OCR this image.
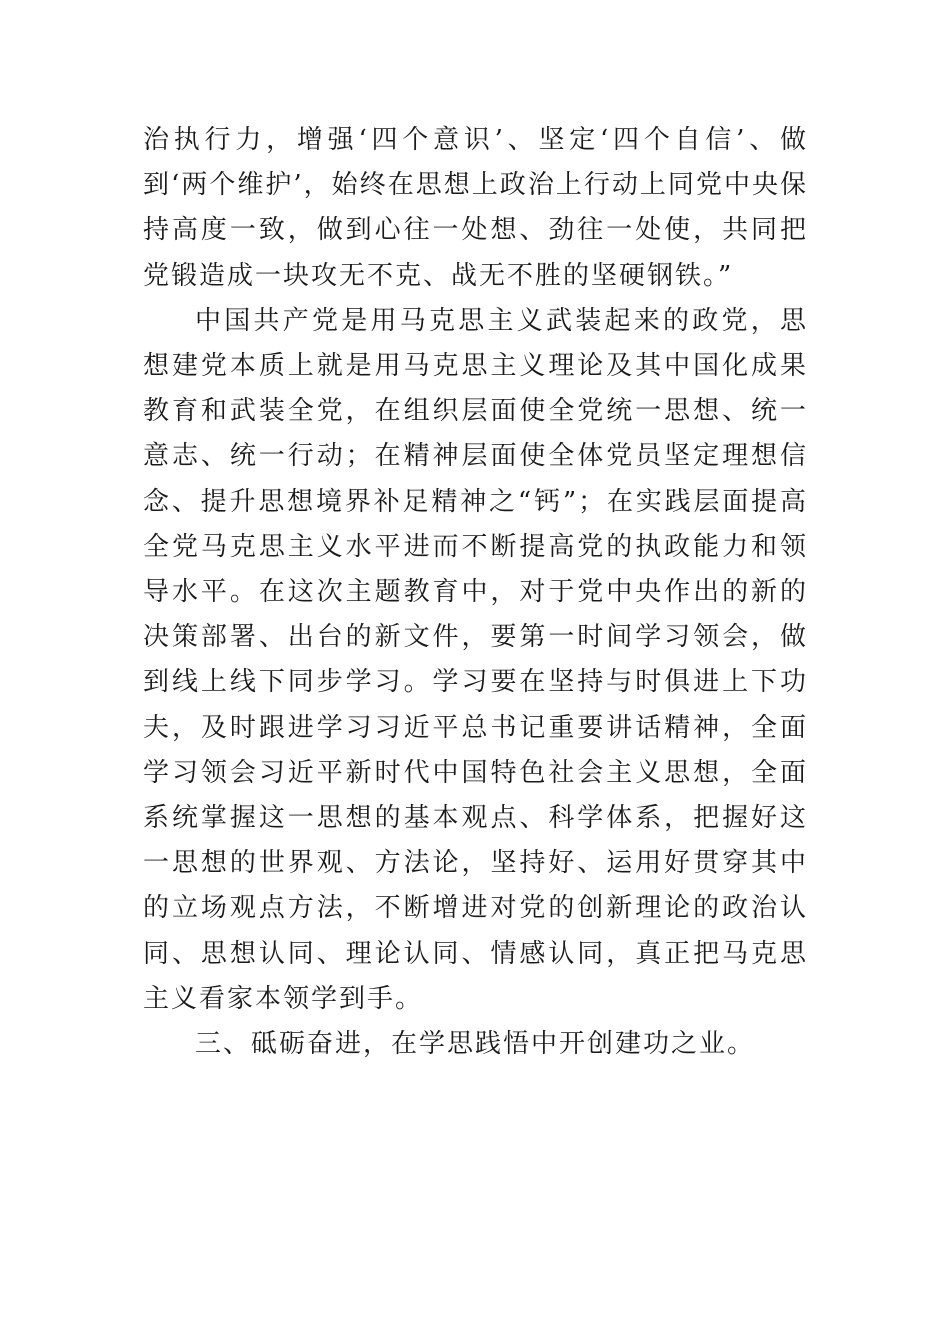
治执行力，增强‘四个意识’、坚定‘四个自信’、做到‘两个维护’，始终在思想上政治上行动上同党中央保持高度一致，做到心往一处想、劲往一处使，共同把党锻造成一块攻无不克、战无不胜的坚硬钢铁。”

中国共产党是用马克思主义武装起来的政党，思想建党本质上就是用马克思主义理论及其中国化成果教育和武装全党，在组织层面使全党统一思想、统一意志、统一行动；在精神层面使全体党员坚定理想信念、提升思想境界补足精神之“钙”；在实践层面提高全党马克思主义水平进而不断提高党的执政能力和领导水平。在这次主题教育中，对于党中央作出的新的决策部署、出台的新文件，要第一时间学习领会，做到线上线下同步学习。学习要在坚持与时俱进上下功夫，及时跟进学习习近平总书记重要讲话精神，全面学习领会习近平新时代中国特色社会主义思想，全面系统掌握这一思想的基本观点、科学体系，把握好这一思想的世界观、方法论，坚持好、运用好贯穿其中的立场观点方法，不断增进对党的创新理论的政治认同、思想认同、理论认同、情感认同，真正把马克思主义看家本领学到手。

三、砥砺奋进，在学思践悟中开创建功之业。
